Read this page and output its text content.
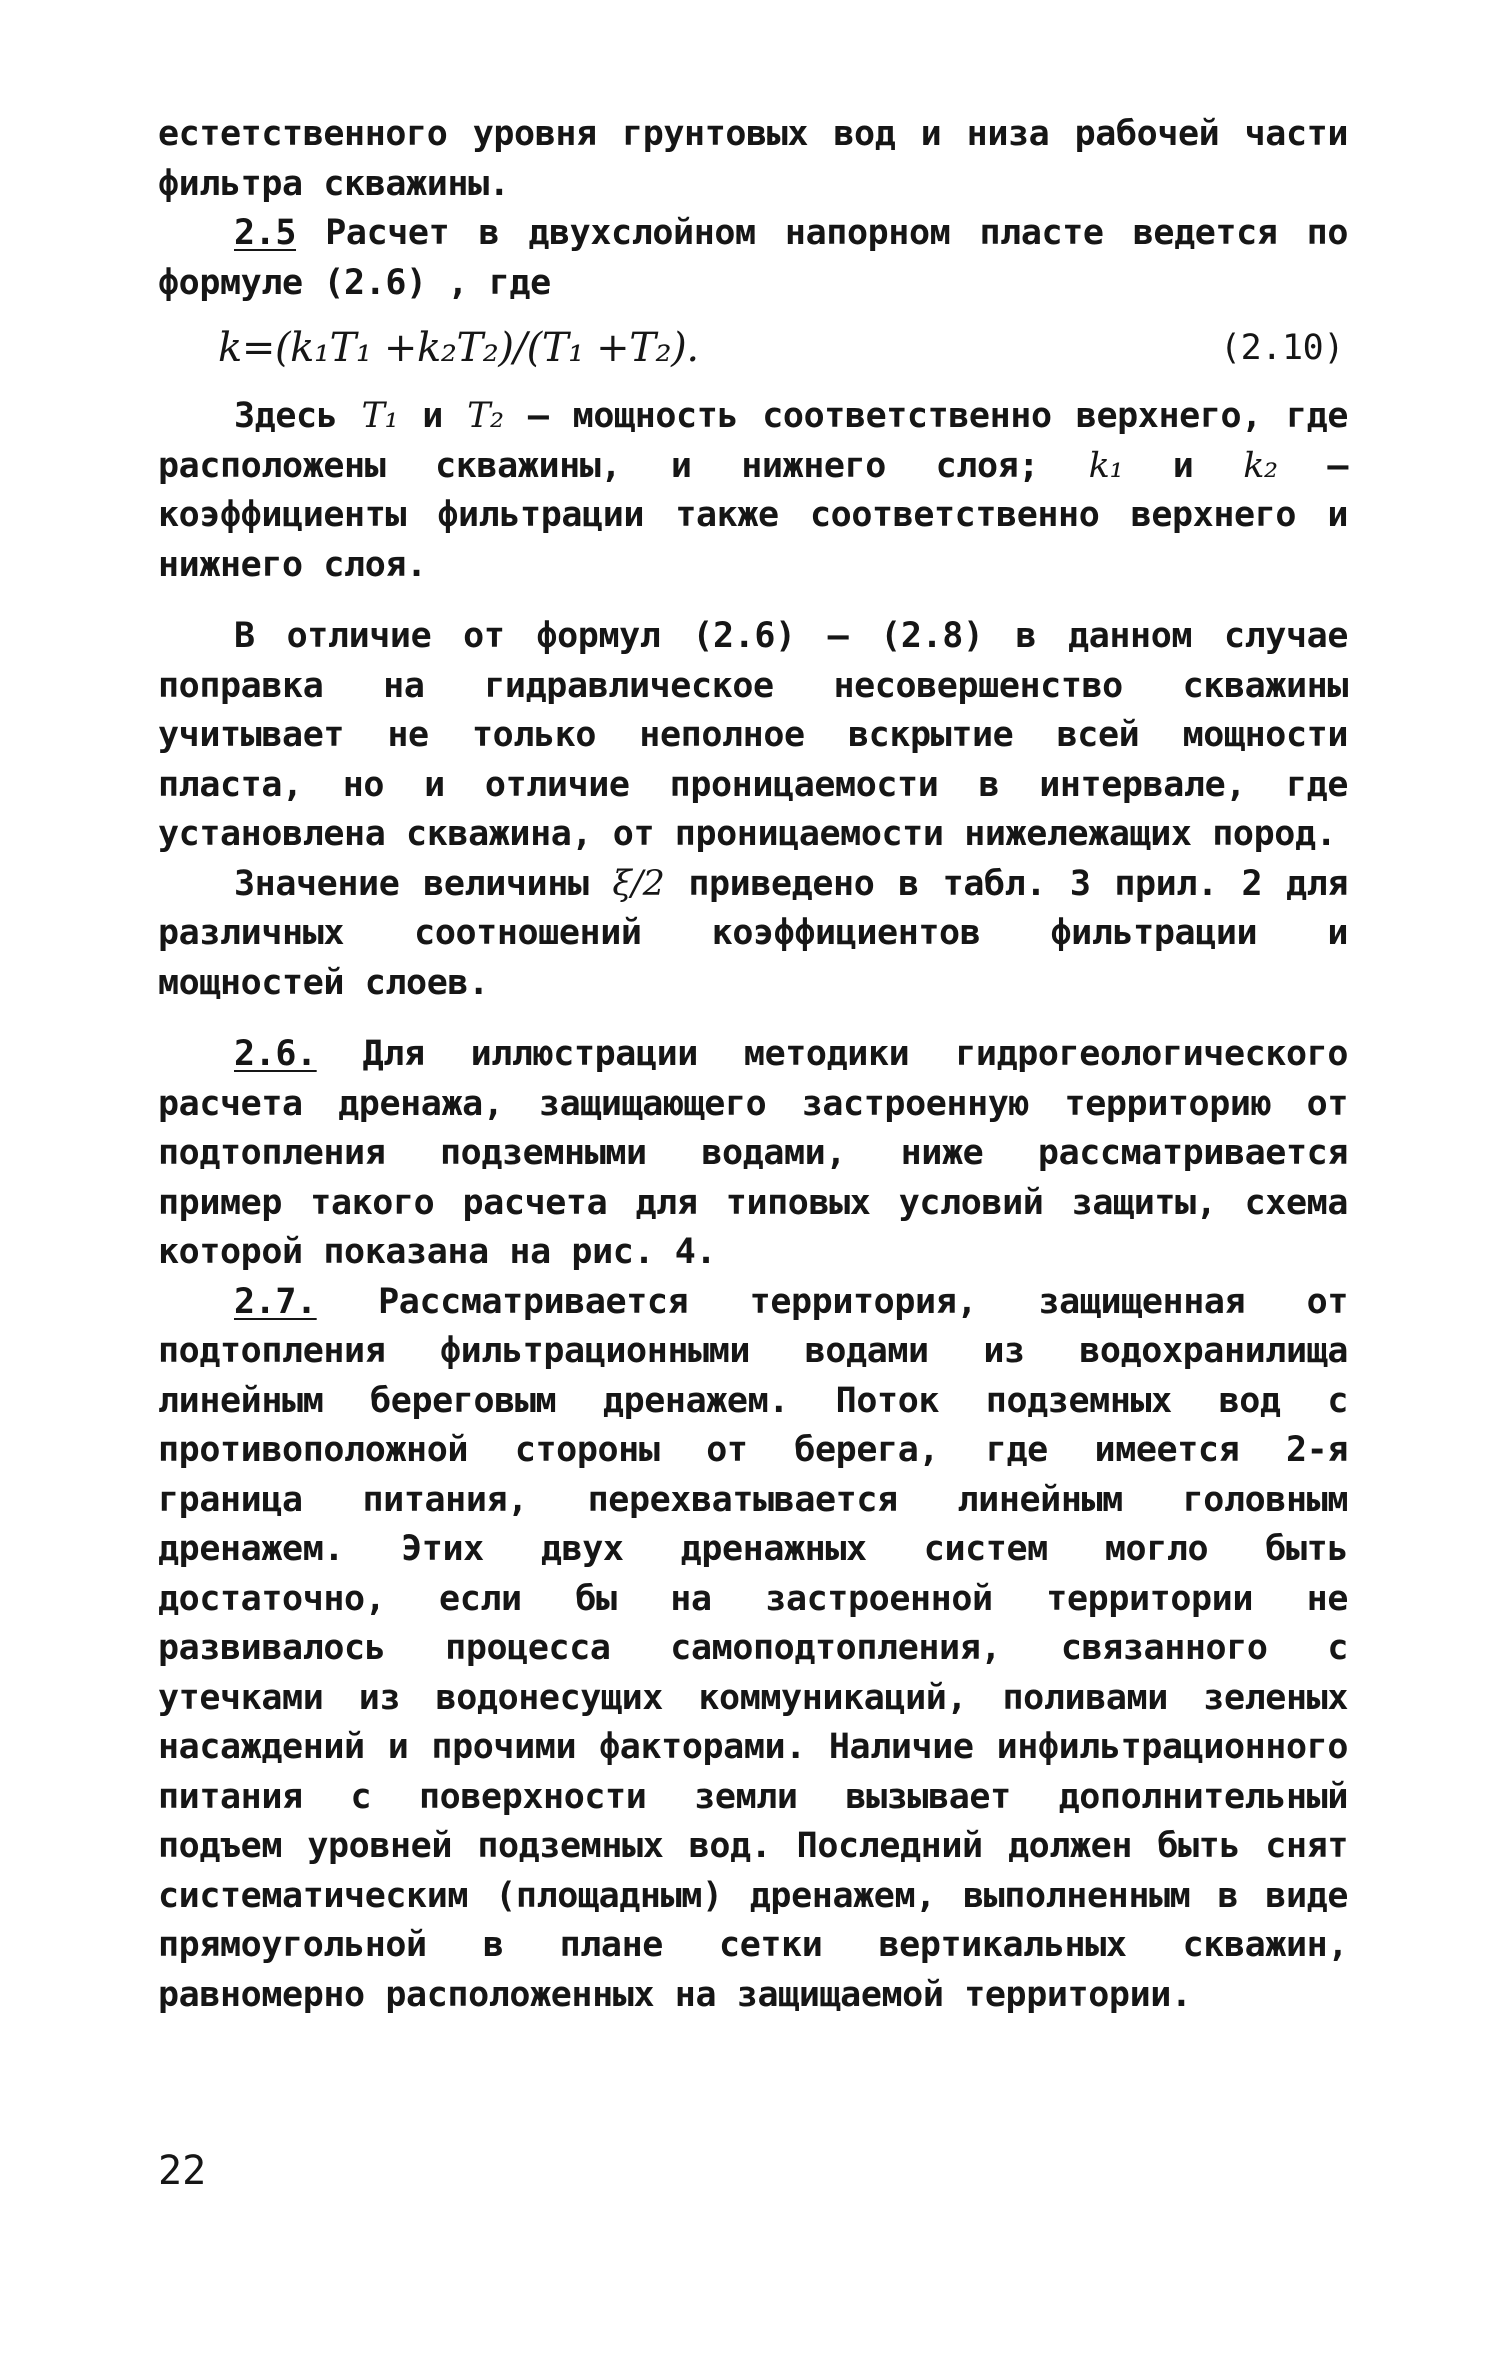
естетственного уровня грунтовых вод и низа рабочей части фильтра скважины.

2.5 Расчет в двухслойном напорном пласте ведется по формуле (2.6) , где

k=(k₁T₁ +k₂T₂)/(T₁ +T₂).	(2.10)

Здесь T₁ и T₂ – мощность соответственно верхнего, где расположены скважины, и нижнего слоя; k₁ и k₂ – коэффициенты фильтрации также соответственно верхнего и нижнего слоя.

В отличие от формул (2.6) – (2.8) в данном случае поправка на гидравлическое несовершенство скважины учитывает не только неполное вскрытие всей мощности пласта, но и отличие проницаемости в интервале, где установлена скважина, от проницаемости нижележащих пород.

Значение величины ξ/2 приведено в табл. 3 прил. 2 для различных соотношений коэффициентов фильтрации и мощностей слоев.

2.6. Для иллюстрации методики гидрогеологического расчета дренажа, защищающего застроенную территорию от подтопления подземными водами, ниже рассматривается пример такого расчета для типовых условий защиты, схема которой показана на рис. 4.

2.7. Рассматривается территория, защищенная от подтопления фильтрационными водами из водохранилища линейным береговым дренажем. Поток подземных вод с противоположной стороны от берега, где имеется 2-я граница питания, перехватывается линейным головным дренажем. Этих двух дренажных систем могло быть достаточно, если бы на застроенной территории не развивалось процесса самоподтопления, связанного с утечками из водонесущих коммуникаций, поливами зеленых насаждений и прочими факторами. Наличие инфильтрационного питания с поверхности земли вызывает дополнительный подъем уровней подземных вод. Последний должен быть снят систематическим (площадным) дренажем, выполненным в виде прямоугольной в плане сетки вертикальных скважин, равномерно расположенных на защищаемой территории.

22
